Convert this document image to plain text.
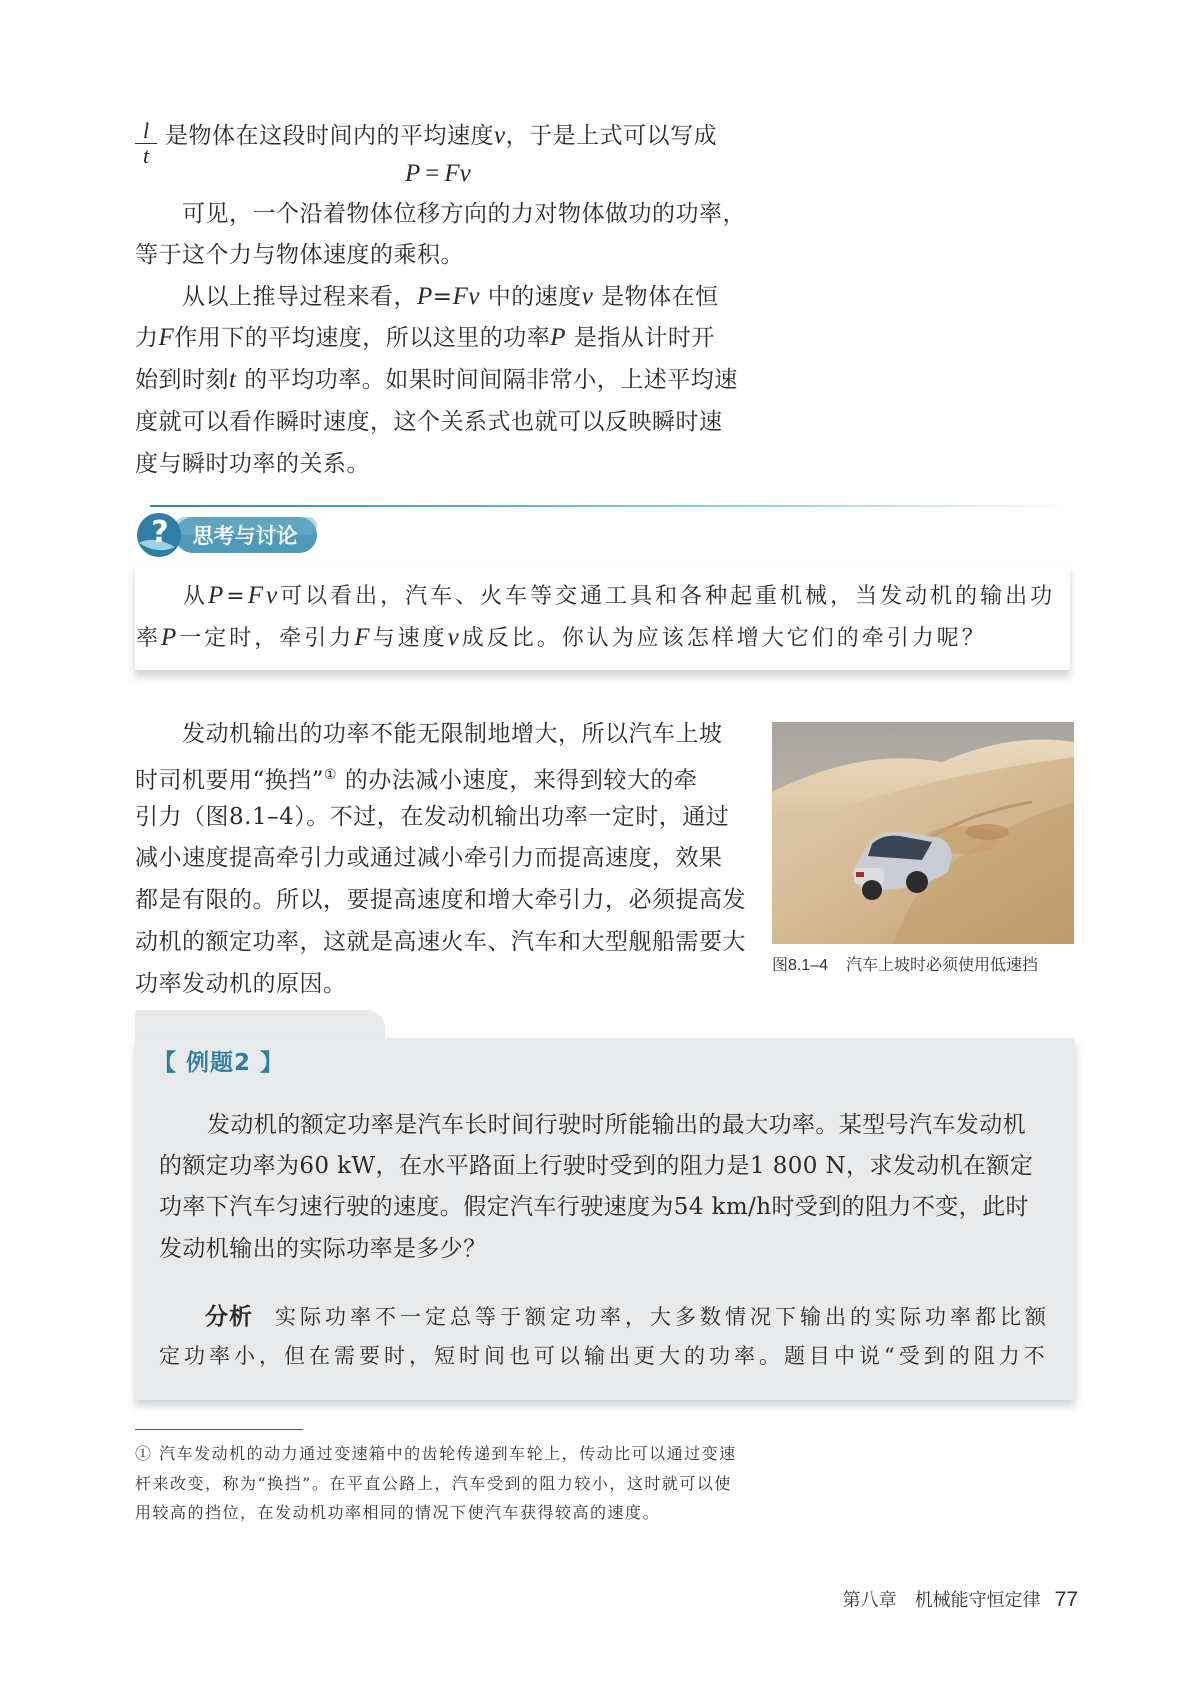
l
t
是物体在这段时间内的平均速度v，于是上式可以写成
P = Fv
可见，一个沿着物体位移方向的力对物体做功的功率，
等于这个力与物体速度的乘积。
从以上推导过程来看，P=Fv 中的速度v 是物体在恒
力F作用下的平均速度，所以这里的功率P 是指从计时开
始到时刻t 的平均功率。如果时间间隔非常小，上述平均速
度就可以看作瞬时速度，这个关系式也就可以反映瞬时速
度与瞬时功率的关系。
? 思考与讨论
从P=Fv可以看出，汽车、火车等交通工具和各种起重机械，当发动机的输出功
率P一定时，牵引力F与速度v成反比。你认为应该怎样增大它们的牵引力呢？
发动机输出的功率不能无限制地增大，所以汽车上坡
时司机要用“换挡”① 的办法减小速度，来得到较大的牵
引力（图8.1–4）。不过，在发动机输出功率一定时，通过
减小速度提高牵引力或通过减小牵引力而提高速度，效果
都是有限的。所以，要提高速度和增大牵引力，必须提高发
动机的额定功率，这就是高速火车、汽车和大型舰船需要大
功率发动机的原因。
图8.1–4 汽车上坡时必须使用低速挡
【 例题2 】
发动机的额定功率是汽车长时间行驶时所能输出的最大功率。某型号汽车发动机
的额定功率为60 kW，在水平路面上行驶时受到的阻力是1 800 N，求发动机在额定
功率下汽车匀速行驶的速度。假定汽车行驶速度为54 km/h时受到的阻力不变，此时
发动机输出的实际功率是多少？
分析 实际功率不一定总等于额定功率，大多数情况下输出的实际功率都比额
定功率小，但在需要时，短时间也可以输出更大的功率。题目中说“受到的阻力不
① 汽车发动机的动力通过变速箱中的齿轮传递到车轮上，传动比可以通过变速
杆来改变，称为“换挡”。在平直公路上，汽车受到的阻力较小，这时就可以使
用较高的挡位，在发动机功率相同的情况下使汽车获得较高的速度。
第八章　机械能守恒定律 77
